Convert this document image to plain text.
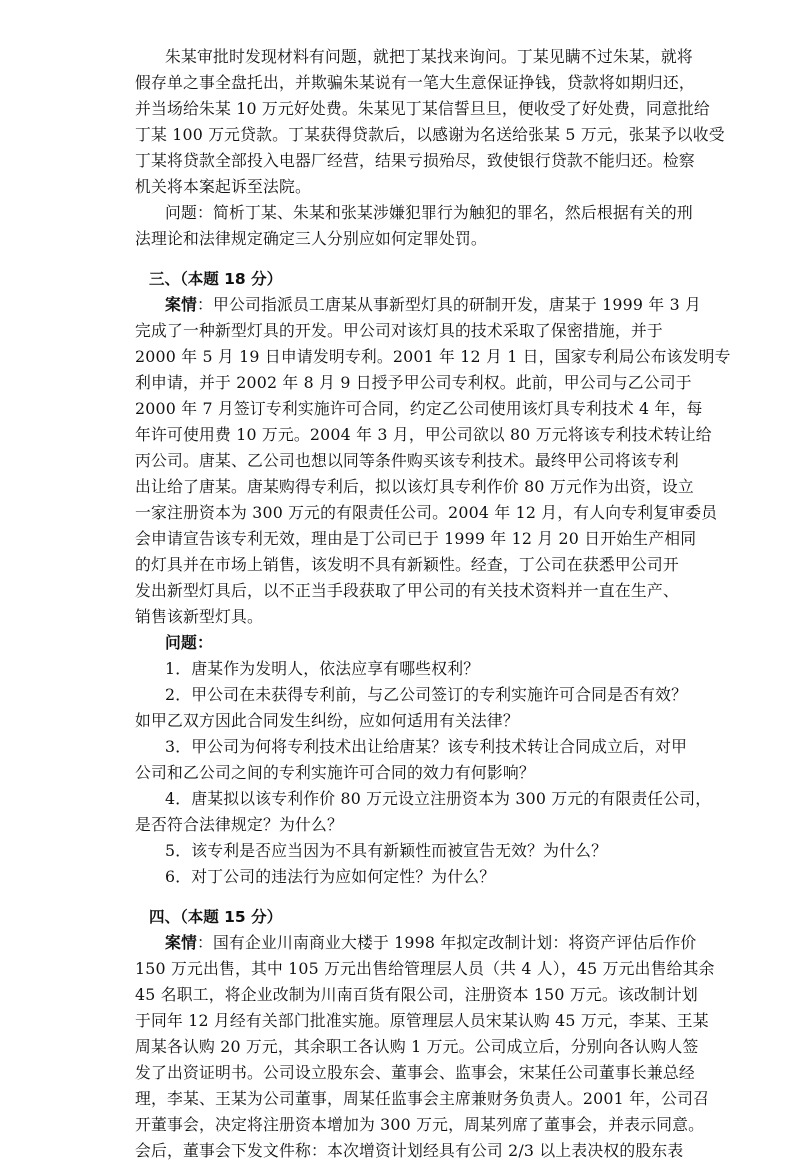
朱某审批时发现材料有问题，就把丁某找来询问。丁某见瞒不过朱某，就将
假存单之事全盘托出，并欺骗朱某说有一笔大生意保证挣钱，贷款将如期归还，
并当场给朱某 10 万元好处费。朱某见丁某信誓旦旦，便收受了好处费，同意批给
丁某 100 万元贷款。丁某获得贷款后，以感谢为名送给张某 5 万元，张某予以收受
丁某将贷款全部投入电器厂经营，结果亏损殆尽，致使银行贷款不能归还。检察
机关将本案起诉至法院。
问题：简析丁某、朱某和张某涉嫌犯罪行为触犯的罪名，然后根据有关的刑
法理论和法律规定确定三人分别应如何定罪处罚。
三、（本题 18 分）
案情：甲公司指派员工唐某从事新型灯具的研制开发，唐某于 1999 年 3 月
完成了一种新型灯具的开发。甲公司对该灯具的技术采取了保密措施，并于
2000 年 5 月 19 日申请发明专利。2001 年 12 月 1 日，国家专利局公布该发明专
利申请，并于 2002 年 8 月 9 日授予甲公司专利权。此前，甲公司与乙公司于
2000 年 7 月签订专利实施许可合同，约定乙公司使用该灯具专利技术 4 年，每
年许可使用费 10 万元。2004 年 3 月，甲公司欲以 80 万元将该专利技术转让给
丙公司。唐某、乙公司也想以同等条件购买该专利技术。最终甲公司将该专利
出让给了唐某。唐某购得专利后，拟以该灯具专利作价 80 万元作为出资，设立
一家注册资本为 300 万元的有限责任公司。2004 年 12 月，有人向专利复审委员
会申请宣告该专利无效，理由是丁公司已于 1999 年 12 月 20 日开始生产相同
的灯具并在市场上销售，该发明不具有新颖性。经查，丁公司在获悉甲公司开
发出新型灯具后，以不正当手段获取了甲公司的有关技术资料并一直在生产、
销售该新型灯具。
问题：
1．唐某作为发明人，依法应享有哪些权利？
2．甲公司在未获得专利前，与乙公司签订的专利实施许可合同是否有效？
如甲乙双方因此合同发生纠纷，应如何适用有关法律？
3．甲公司为何将专利技术出让给唐某？该专利技术转让合同成立后，对甲
公司和乙公司之间的专利实施许可合同的效力有何影响？
4．唐某拟以该专利作价 80 万元设立注册资本为 300 万元的有限责任公司，
是否符合法律规定？为什么？
5．该专利是否应当因为不具有新颖性而被宣告无效？为什么？
6．对丁公司的违法行为应如何定性？为什么？
四、（本题 15 分）
案情：国有企业川南商业大楼于 1998 年拟定改制计划：将资产评估后作价
150 万元出售，其中 105 万元出售给管理层人员（共 4 人），45 万元出售给其余
45 名职工，将企业改制为川南百货有限公司，注册资本 150 万元。该改制计划
于同年 12 月经有关部门批准实施。原管理层人员宋某认购 45 万元，李某、王某
周某各认购 20 万元，其余职工各认购 1 万元。公司成立后，分别向各认购人签
发了出资证明书。公司设立股东会、董事会、监事会，宋某任公司董事长兼总经
理，李某、王某为公司董事，周某任监事会主席兼财务负责人。2001 年，公司召
开董事会，决定将注册资本增加为 300 万元，周某列席了董事会，并表示同意。
会后，董事会下发文件称：本次增资计划经具有公司 2/3 以上表决权的股东表
